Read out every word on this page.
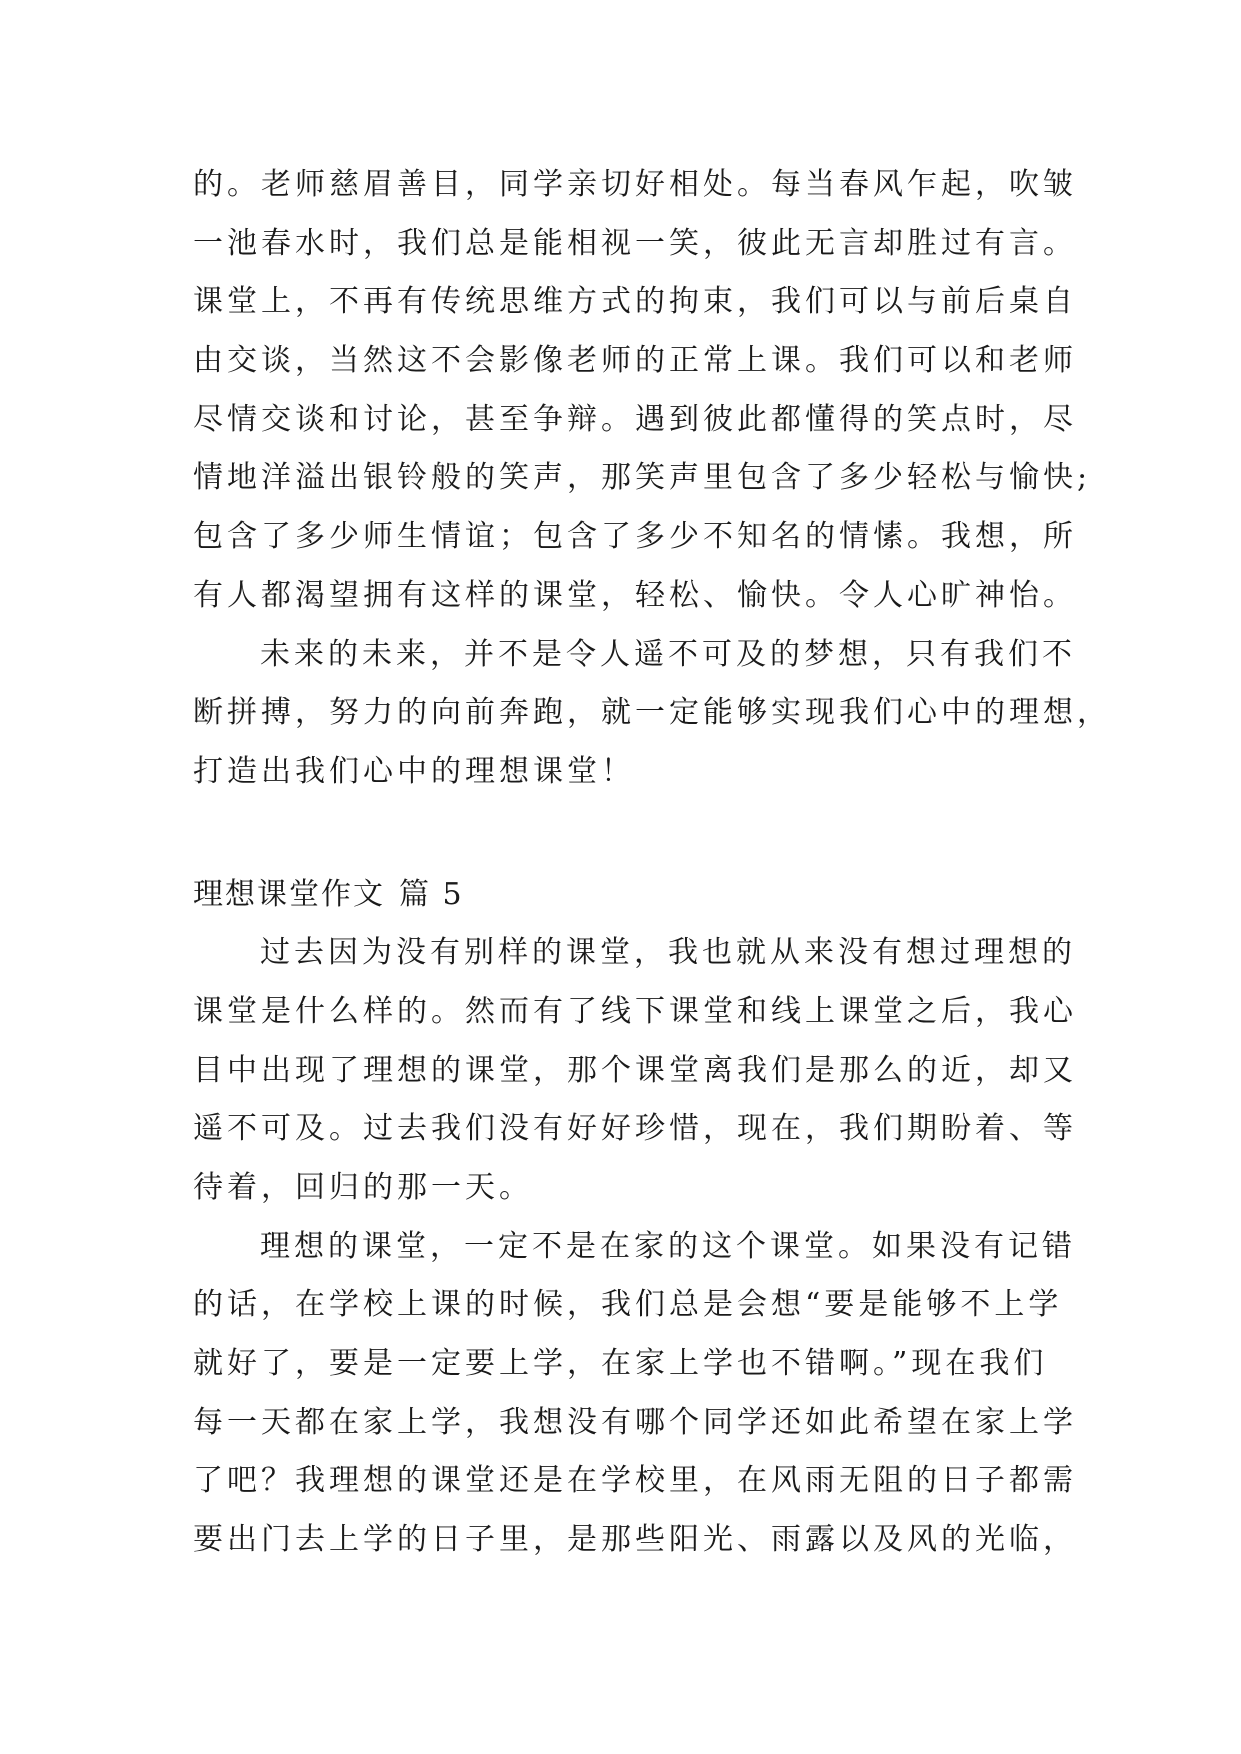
的。老师慈眉善目，同学亲切好相处。每当春风乍起，吹皱
一池春水时，我们总是能相视一笑，彼此无言却胜过有言。
课堂上，不再有传统思维方式的拘束，我们可以与前后桌自
由交谈，当然这不会影像老师的正常上课。我们可以和老师
尽情交谈和讨论，甚至争辩。遇到彼此都懂得的笑点时，尽
情地洋溢出银铃般的笑声，那笑声里包含了多少轻松与愉快;
包含了多少师生情谊；包含了多少不知名的情愫。我想，所
有人都渴望拥有这样的课堂，轻松、愉快。令人心旷神怡。
未来的未来，并不是令人遥不可及的梦想，只有我们不
断拼搏，努力的向前奔跑，就一定能够实现我们心中的理想，
打造出我们心中的理想课堂！
理想课堂作文 篇 5
过去因为没有别样的课堂，我也就从来没有想过理想的
课堂是什么样的。然而有了线下课堂和线上课堂之后，我心
目中出现了理想的课堂，那个课堂离我们是那么的近，却又
遥不可及。过去我们没有好好珍惜，现在，我们期盼着、等
待着，回归的那一天。
理想的课堂，一定不是在家的这个课堂。如果没有记错
的话，在学校上课的时候，我们总是会想“要是能够不上学
就好了，要是一定要上学，在家上学也不错啊。”现在我们
每一天都在家上学，我想没有哪个同学还如此希望在家上学
了吧？我理想的课堂还是在学校里，在风雨无阻的日子都需
要出门去上学的日子里，是那些阳光、雨露以及风的光临，
